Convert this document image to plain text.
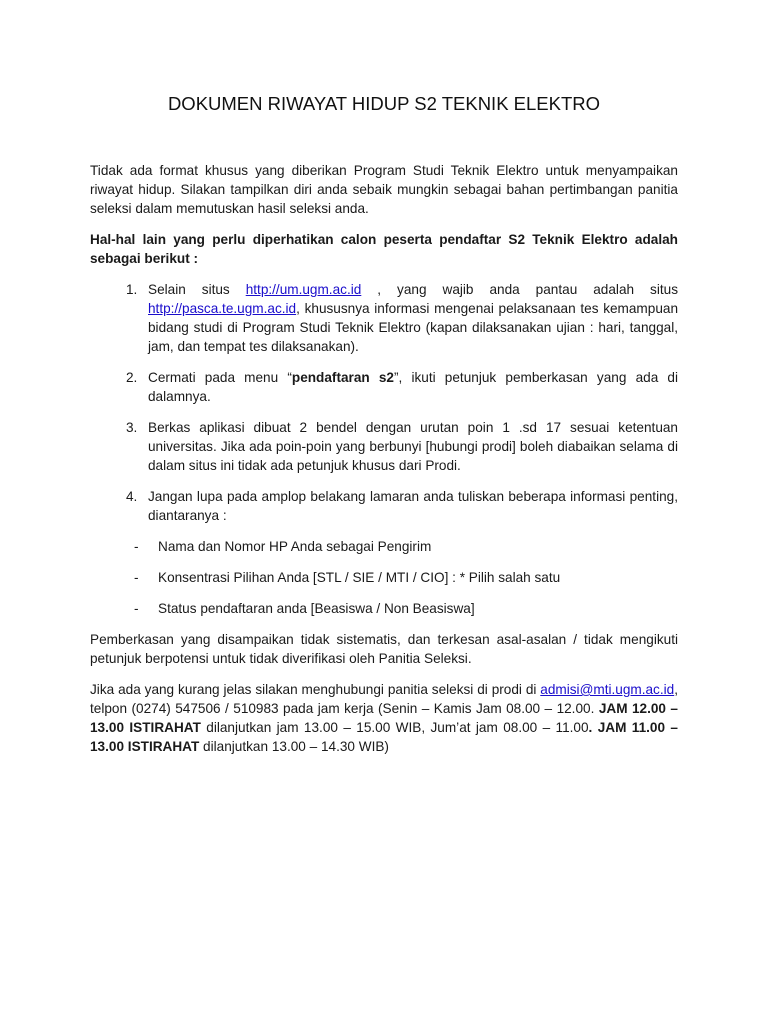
DOKUMEN RIWAYAT HIDUP S2 TEKNIK ELEKTRO

Tidak ada format khusus yang diberikan Program Studi Teknik Elektro untuk menyampaikan riwayat hidup. Silakan tampilkan diri anda sebaik mungkin sebagai bahan pertimbangan panitia seleksi dalam memutuskan hasil seleksi anda.

Hal-hal lain yang perlu diperhatikan calon peserta pendaftar S2 Teknik Elektro adalah sebagai berikut :

1. Selain situs http://um.ugm.ac.id , yang wajib anda pantau adalah situs http://pasca.te.ugm.ac.id, khususnya informasi mengenai pelaksanaan tes kemampuan bidang studi di Program Studi Teknik Elektro (kapan dilaksanakan ujian : hari, tanggal, jam, dan tempat tes dilaksanakan).
2. Cermati pada menu “pendaftaran s2”, ikuti petunjuk pemberkasan yang ada di dalamnya.
3. Berkas aplikasi dibuat 2 bendel dengan urutan poin 1 .sd 17 sesuai ketentuan universitas. Jika ada poin-poin yang berbunyi [hubungi prodi] boleh diabaikan selama di dalam situs ini tidak ada petunjuk khusus dari Prodi.
4. Jangan lupa pada amplop belakang lamaran anda tuliskan beberapa informasi penting, diantaranya :
- Nama dan Nomor HP Anda sebagai Pengirim
- Konsentrasi Pilihan Anda [STL / SIE / MTI / CIO] : * Pilih salah satu
- Status pendaftaran anda [Beasiswa / Non Beasiswa]

Pemberkasan yang disampaikan tidak sistematis, dan terkesan asal-asalan / tidak mengikuti petunjuk berpotensi untuk tidak diverifikasi oleh Panitia Seleksi.

Jika ada yang kurang jelas silakan menghubungi panitia seleksi di prodi di admisi@mti.ugm.ac.id, telpon (0274) 547506 / 510983 pada jam kerja (Senin – Kamis Jam 08.00 – 12.00. JAM 12.00 – 13.00 ISTIRAHAT dilanjutkan jam 13.00 – 15.00 WIB, Jum’at jam 08.00 – 11.00. JAM 11.00 – 13.00 ISTIRAHAT dilanjutkan 13.00 – 14.30 WIB)
